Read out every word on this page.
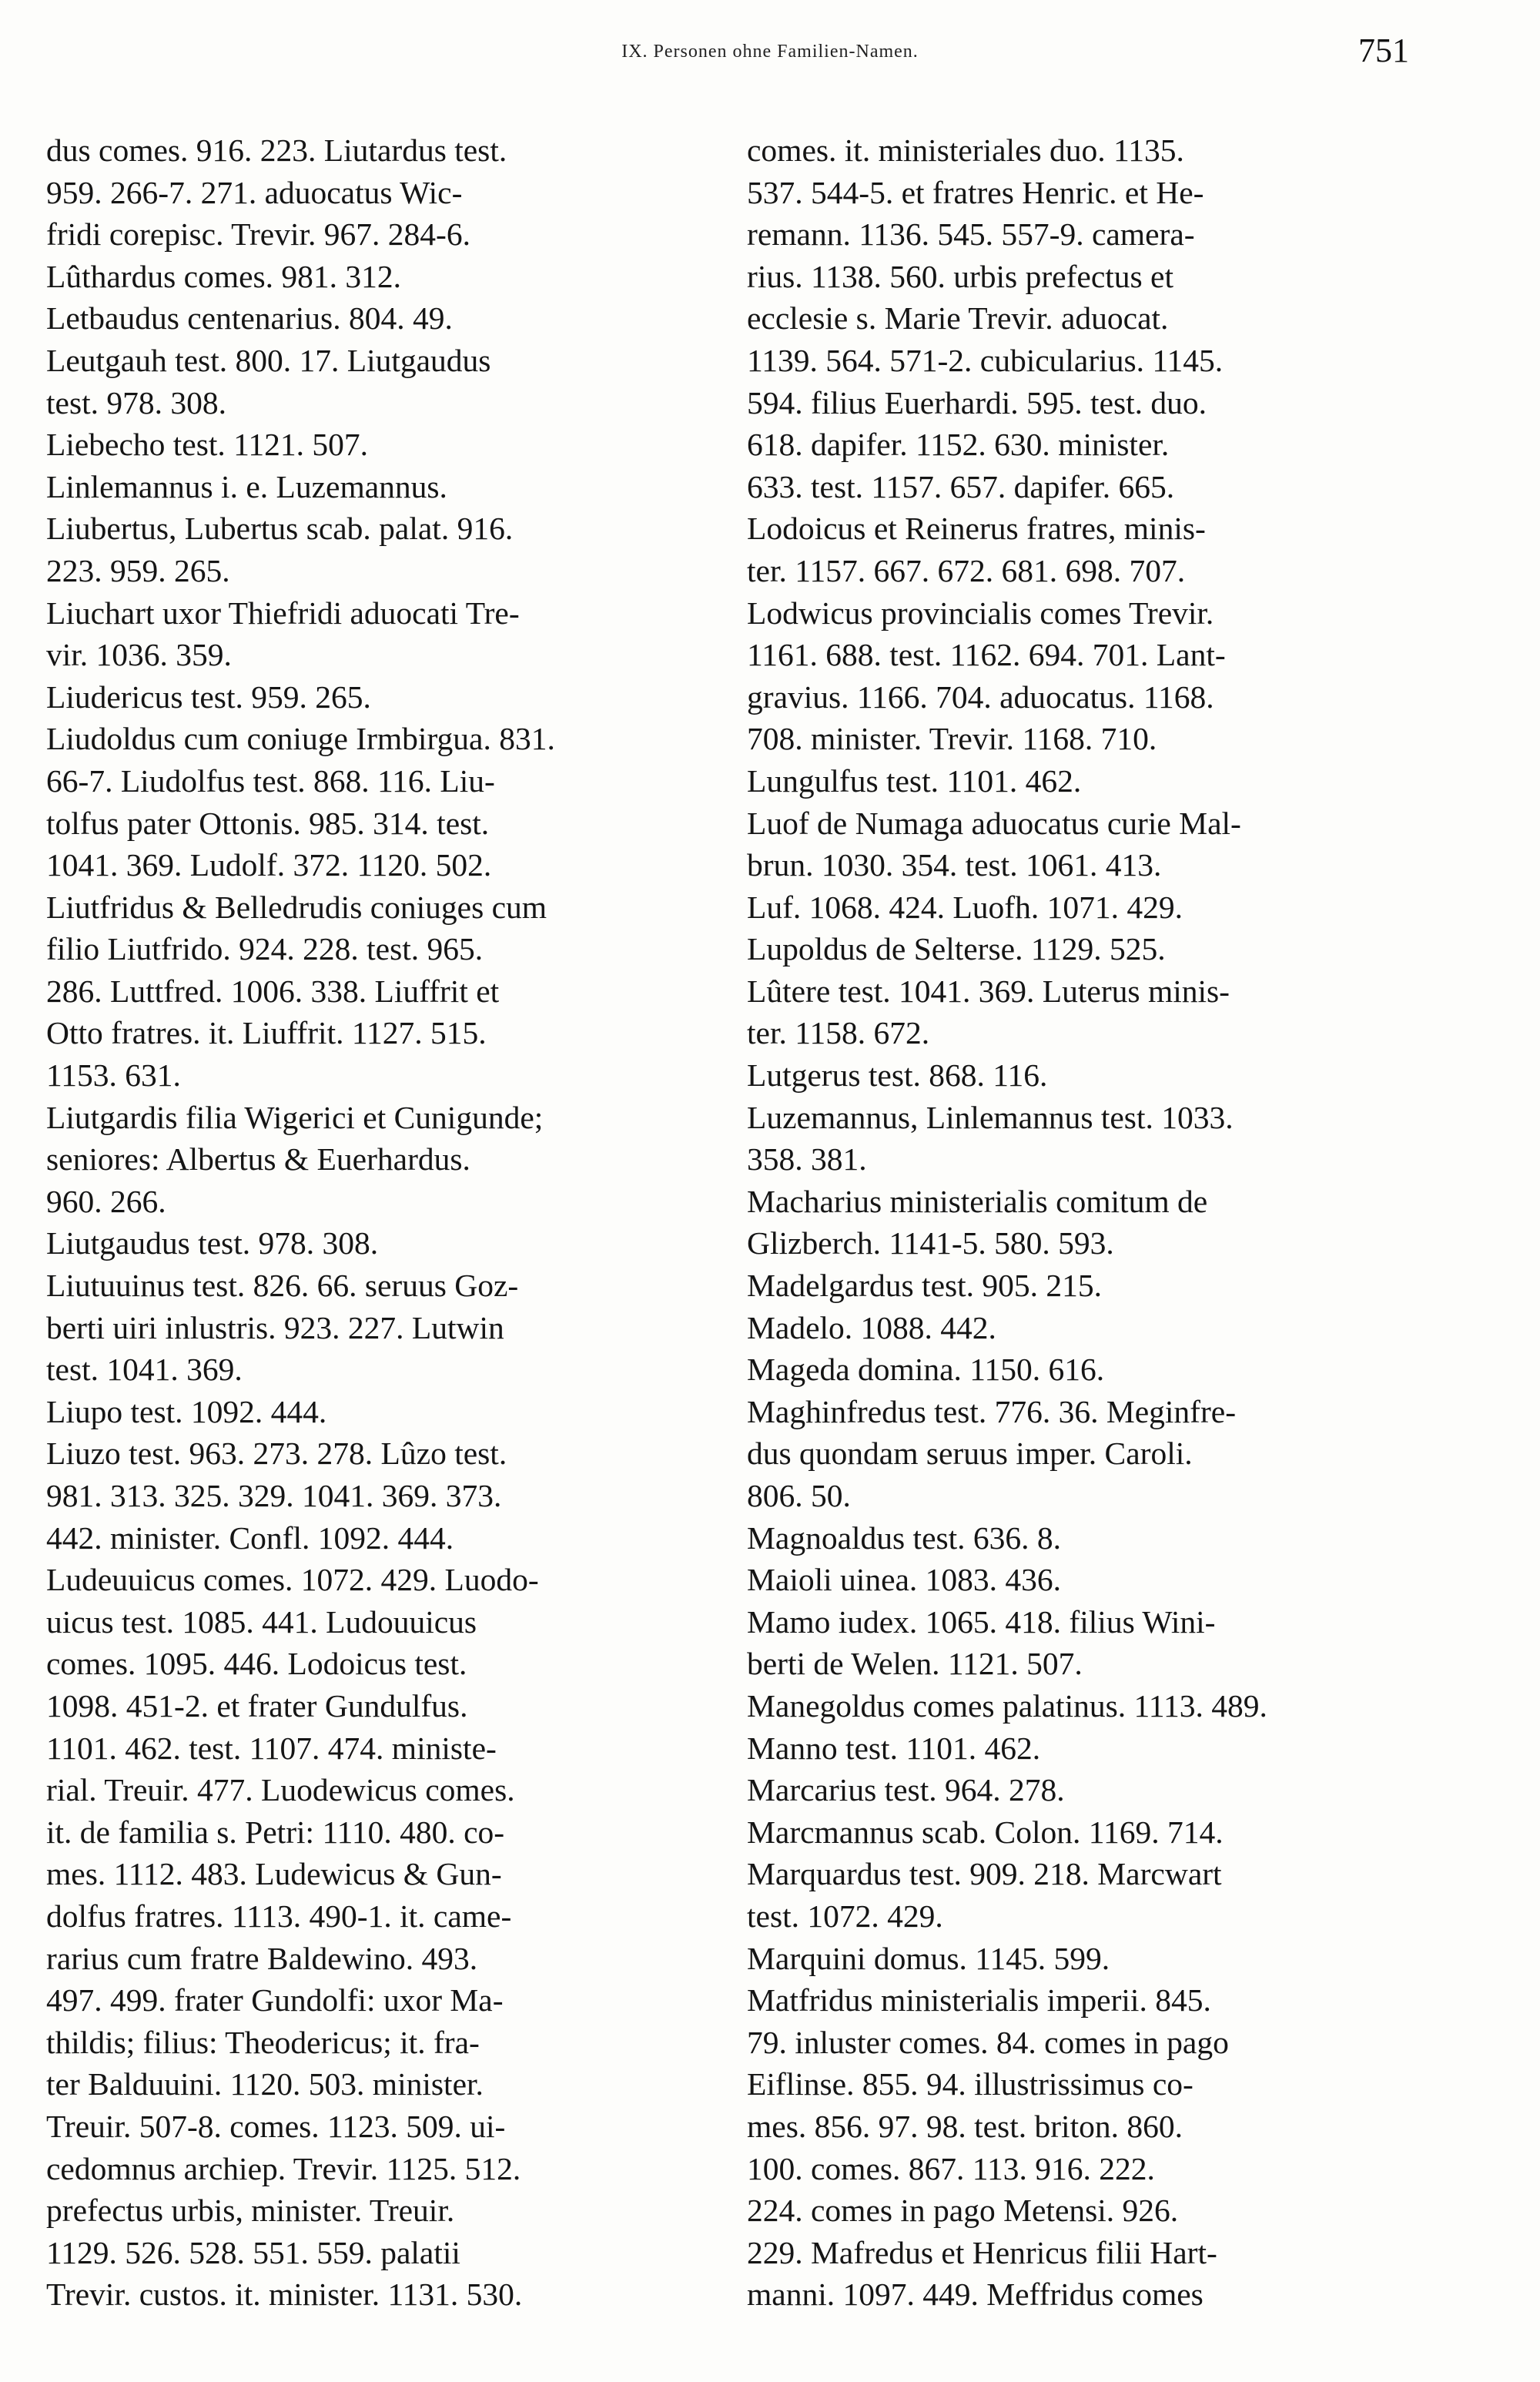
IX. Personen ohne Familien-Namen.	751
dus comes. 916. 223. Liutardus test.
959. 266-7. 271. aduocatus Wic-
fridi corepisc. Trevir. 967. 284-6.
Lûthardus comes. 981. 312.
Letbaudus centenarius. 804. 49.
Leutgauh test. 800. 17. Liutgaudus
test. 978. 308.
Liebecho test. 1121. 507.
Linlemannus i. e. Luzemannus.
Liubertus, Lubertus scab. palat. 916.
223. 959. 265.
Liuchart uxor Thiefridi aduocati Tre-
vir. 1036. 359.
Liudericus test. 959. 265.
Liudoldus cum coniuge Irmbirgua. 831.
66-7. Liudolfus test. 868. 116. Liu-
tolfus pater Ottonis. 985. 314. test.
1041. 369. Ludolf. 372. 1120. 502.
Liutfridus & Belledrudis coniuges cum
filio Liutfrido. 924. 228. test. 965.
286. Luttfred. 1006. 338. Liuffrit et
Otto fratres. it. Liuffrit. 1127. 515.
1153. 631.
Liutgardis filia Wigerici et Cunigunde;
seniores: Albertus & Euerhardus.
960. 266.
Liutgaudus test. 978. 308.
Liutuuinus test. 826. 66. seruus Goz-
berti uiri inlustris. 923. 227. Lutwin
test. 1041. 369.
Liupo test. 1092. 444.
Liuzo test. 963. 273. 278. Lûzo test.
981. 313. 325. 329. 1041. 369. 373.
442. minister. Confl. 1092. 444.
Ludeuuicus comes. 1072. 429. Luodo-
uicus test. 1085. 441. Ludouuicus
comes. 1095. 446. Lodoicus test.
1098. 451-2. et frater Gundulfus.
1101. 462. test. 1107. 474. ministe-
rial. Treuir. 477. Luodewicus comes.
it. de familia s. Petri: 1110. 480. co-
mes. 1112. 483. Ludewicus & Gun-
dolfus fratres. 1113. 490-1. it. came-
rarius cum fratre Baldewino. 493.
497. 499. frater Gundolfi: uxor Ma-
thildis; filius: Theodericus; it. fra-
ter Balduuini. 1120. 503. minister.
Treuir. 507-8. comes. 1123. 509. ui-
cedomnus archiep. Trevir. 1125. 512.
prefectus urbis, minister. Treuir.
1129. 526. 528. 551. 559. palatii
Trevir. custos. it. minister. 1131. 530.
comes. it. ministeriales duo. 1135.
537. 544-5. et fratres Henric. et He-
remann. 1136. 545. 557-9. camera-
rius. 1138. 560. urbis prefectus et
ecclesie s. Marie Trevir. aduocat.
1139. 564. 571-2. cubicularius. 1145.
594. filius Euerhardi. 595. test. duo.
618. dapifer. 1152. 630. minister.
633. test. 1157. 657. dapifer. 665.
Lodoicus et Reinerus fratres, minis-
ter. 1157. 667. 672. 681. 698. 707.
Lodwicus provincialis comes Trevir.
1161. 688. test. 1162. 694. 701. Lant-
gravius. 1166. 704. aduocatus. 1168.
708. minister. Trevir. 1168. 710.
Lungulfus test. 1101. 462.
Luof de Numaga aduocatus curie Mal-
brun. 1030. 354. test. 1061. 413.
Luf. 1068. 424. Luofh. 1071. 429.
Lupoldus de Selterse. 1129. 525.
Lûtere test. 1041. 369. Luterus minis-
ter. 1158. 672.
Lutgerus test. 868. 116.
Luzemannus, Linlemannus test. 1033.
358. 381.
Macharius ministerialis comitum de
Glizberch. 1141-5. 580. 593.
Madelgardus test. 905. 215.
Madelo. 1088. 442.
Mageda domina. 1150. 616.
Maghinfredus test. 776. 36. Meginfre-
dus quondam seruus imper. Caroli.
806. 50.
Magnoaldus test. 636. 8.
Maioli uinea. 1083. 436.
Mamo iudex. 1065. 418. filius Wini-
berti de Welen. 1121. 507.
Manegoldus comes palatinus. 1113. 489.
Manno test. 1101. 462.
Marcarius test. 964. 278.
Marcmannus scab. Colon. 1169. 714.
Marquardus test. 909. 218. Marcwart
test. 1072. 429.
Marquini domus. 1145. 599.
Matfridus ministerialis imperii. 845.
79. inluster comes. 84. comes in pago
Eiflinse. 855. 94. illustrissimus co-
mes. 856. 97. 98. test. briton. 860.
100. comes. 867. 113. 916. 222.
224. comes in pago Metensi. 926.
229. Mafredus et Henricus filii Hart-
manni. 1097. 449. Meffridus comes
